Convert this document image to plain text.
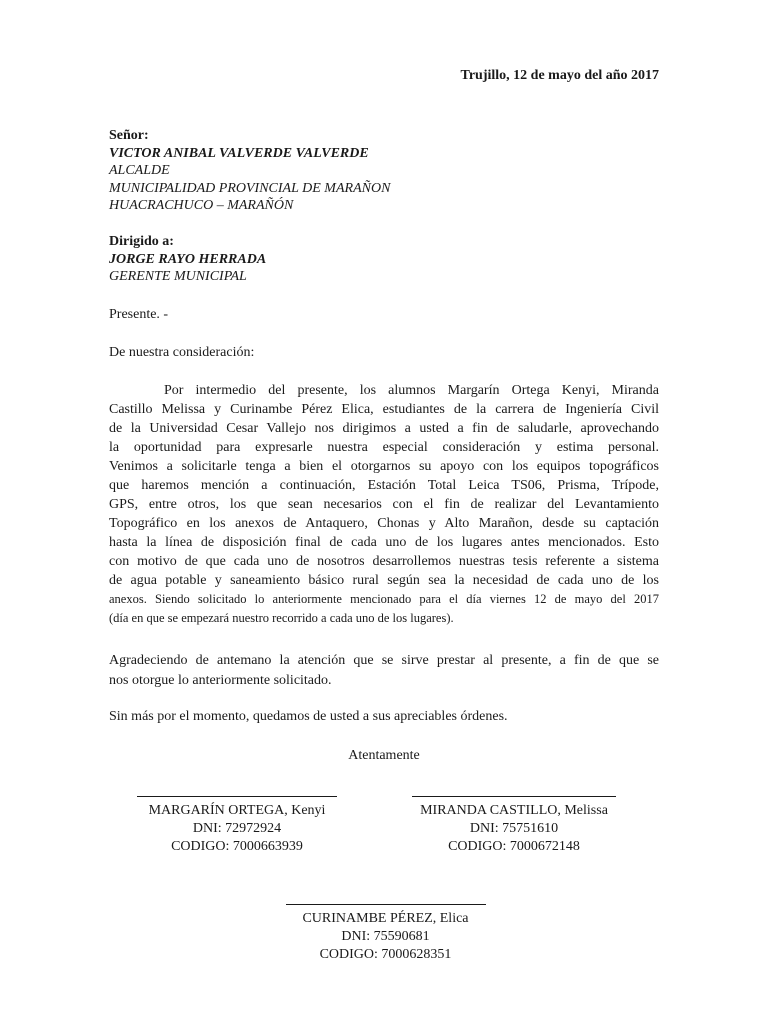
Trujillo, 12 de mayo del año 2017
Señor:
VICTOR ANIBAL VALVERDE VALVERDE
ALCALDE
MUNICIPALIDAD PROVINCIAL DE MARAÑON
HUACRACHUCO – MARAÑÓN
Dirigido a:
JORGE RAYO HERRADA
GERENTE MUNICIPAL
Presente. -
De nuestra consideración:
Por intermedio del presente, los alumnos Margarín Ortega Kenyi, Miranda
Castillo Melissa y Curinambe Pérez Elica, estudiantes de la carrera de Ingeniería Civil
de la Universidad Cesar Vallejo nos dirigimos a usted a fin de saludarle, aprovechando
la oportunidad para expresarle nuestra especial consideración y estima personal.
Venimos a solicitarle tenga a bien el otorgarnos su apoyo con los equipos topográficos
que haremos mención a continuación, Estación Total Leica TS06, Prisma, Trípode,
GPS, entre otros, los que sean necesarios con el fin de realizar del Levantamiento
Topográfico en los anexos de Antaquero, Chonas y Alto Marañon, desde su captación
hasta la línea de disposición final de cada uno de los lugares antes mencionados. Esto
con motivo de que cada uno de nosotros desarrollemos nuestras tesis referente a sistema
de agua potable y saneamiento básico rural según sea la necesidad de cada uno de los
anexos. Siendo solicitado lo anteriormente mencionado para el día viernes 12 de mayo del 2017
(día en que se empezará nuestro recorrido a cada uno de los lugares).
Agradeciendo de antemano la atención que se sirve prestar al presente, a fin de que se
nos otorgue lo anteriormente solicitado.
Sin más por el momento, quedamos de usted a sus apreciables órdenes.
Atentamente
MARGARÍN ORTEGA, Kenyi
DNI: 72972924
CODIGO: 7000663939
MIRANDA CASTILLO, Melissa
DNI: 75751610
CODIGO: 7000672148
CURINAMBE PÉREZ, Elica
DNI: 75590681
CODIGO: 7000628351
